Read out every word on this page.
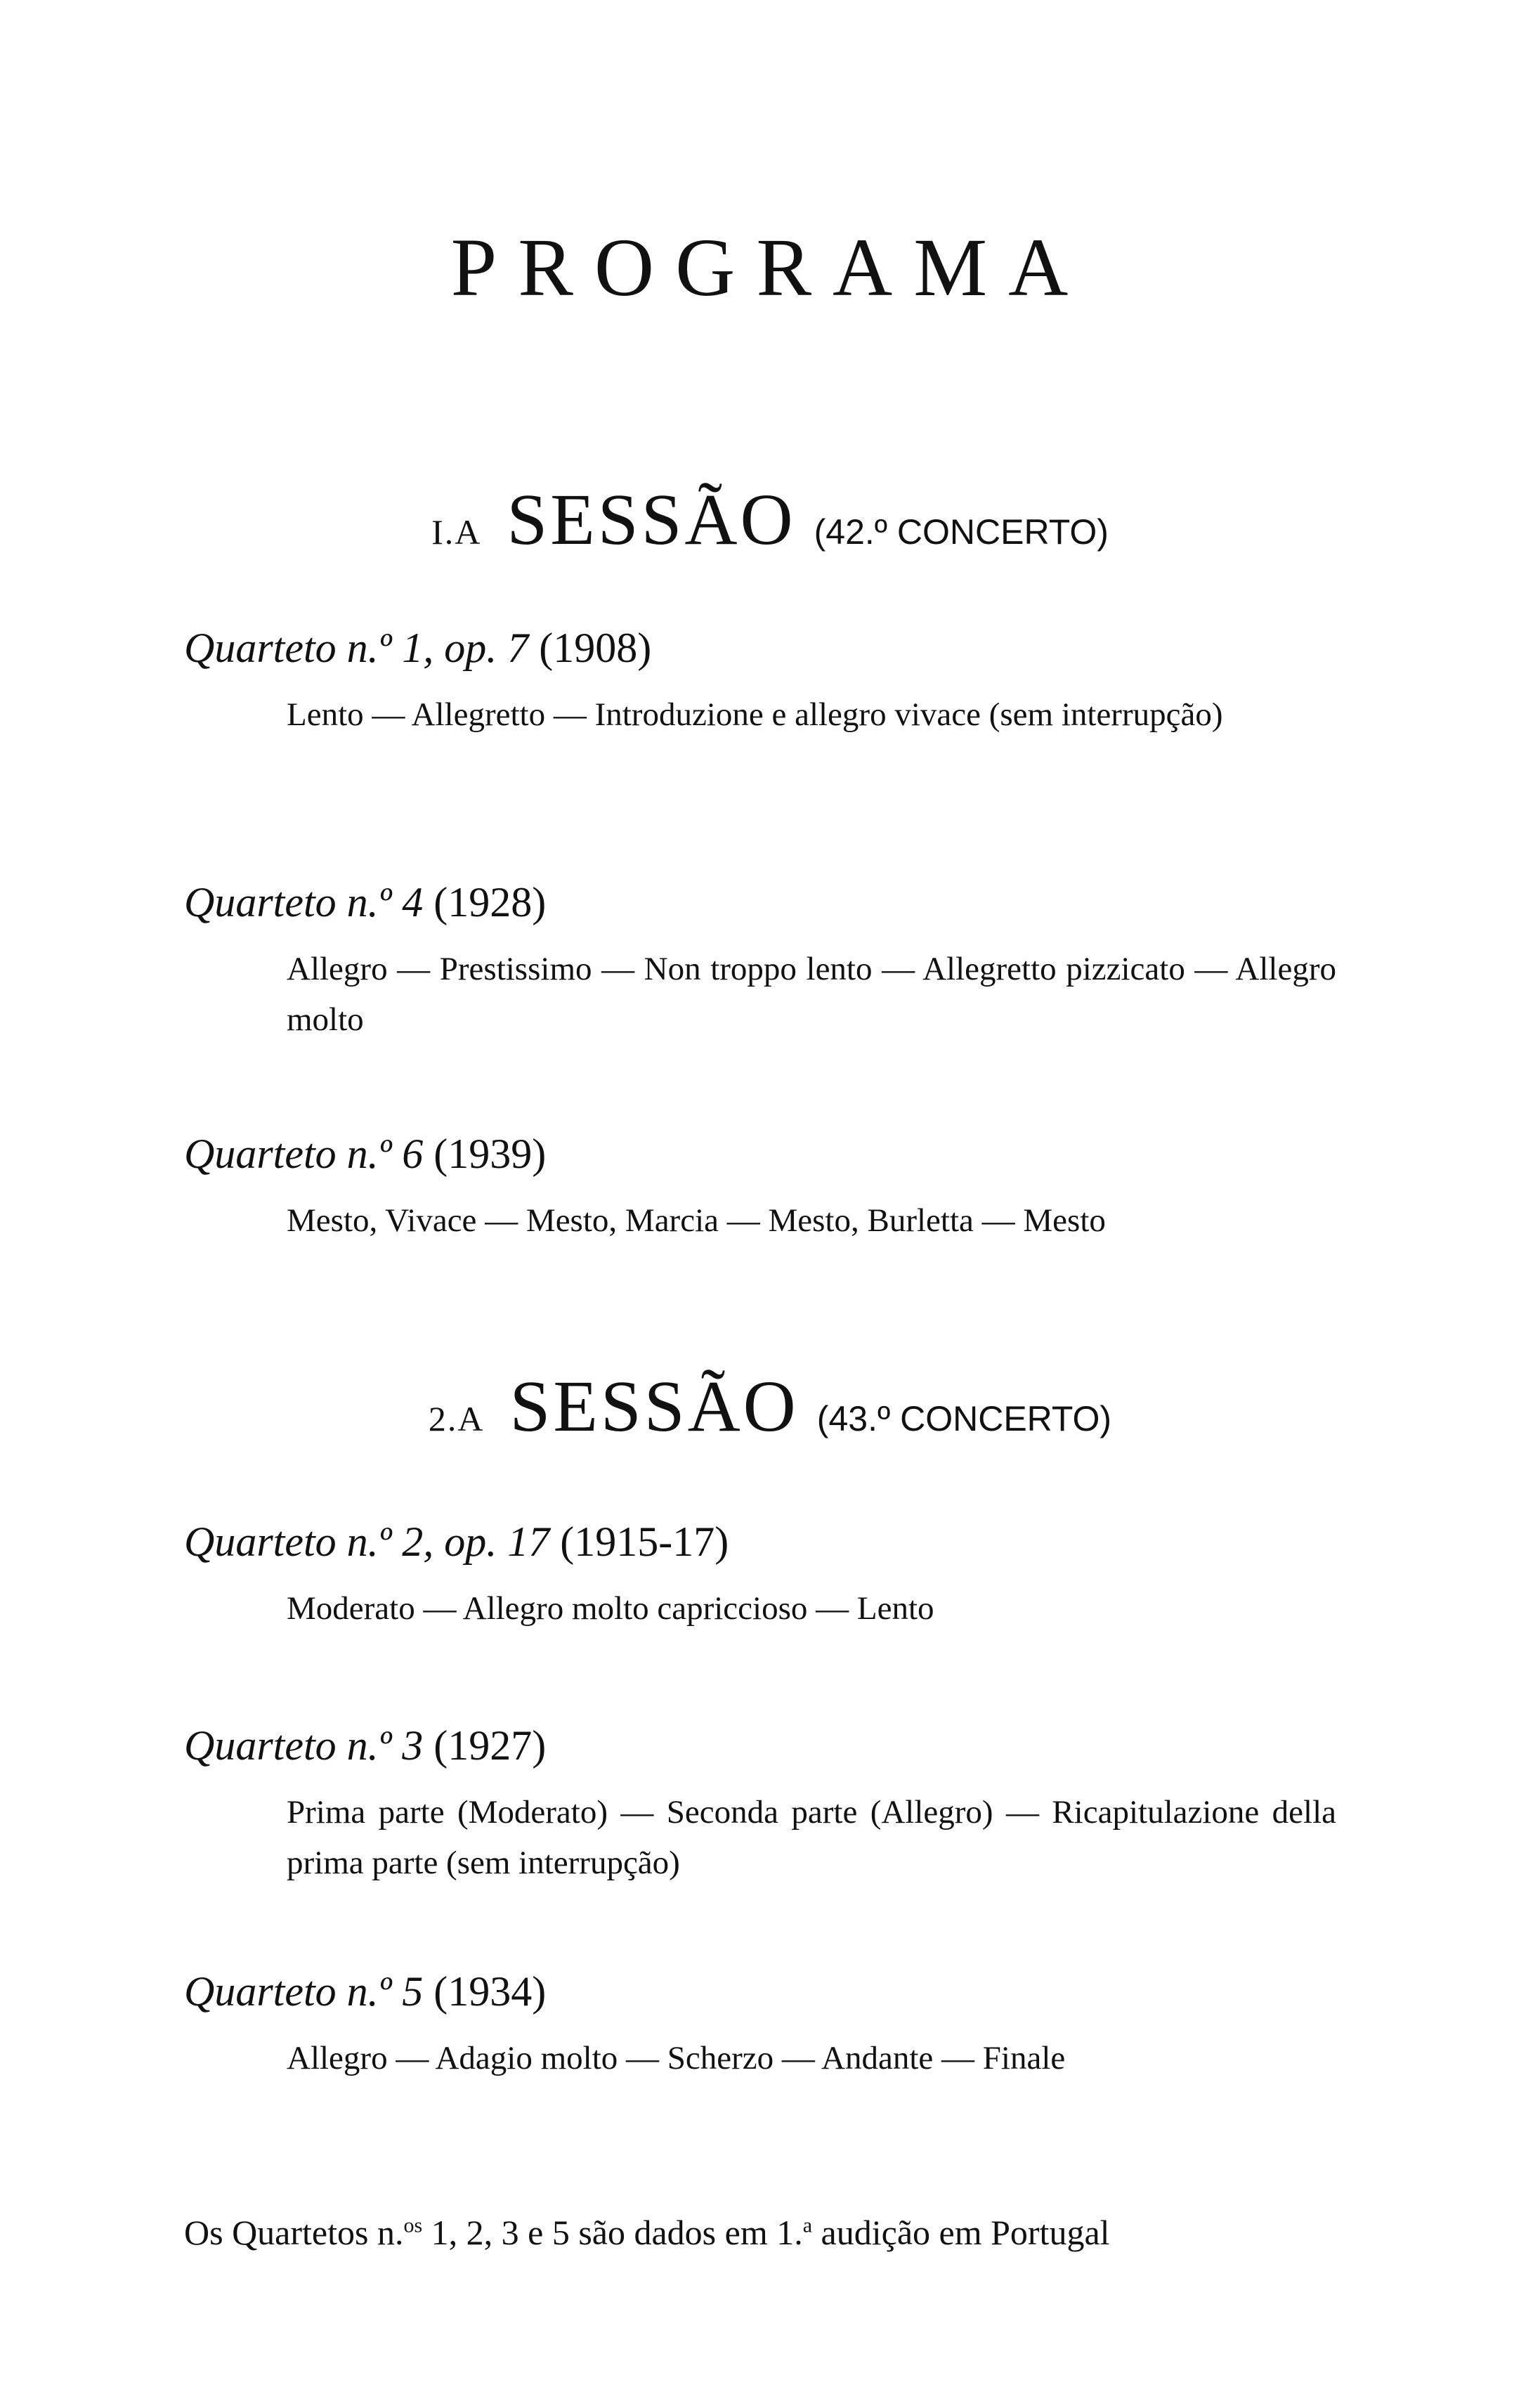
PROGRAMA
I.A SESSÃO (42.º CONCERTO)
Quarteto n.º 1, op. 7 (1908)
Lento — Allegretto — Introduzione e allegro vivace (sem interrupção)
Quarteto n.º 4 (1928)
Allegro — Prestissimo — Non troppo lento — Allegretto pizzicato — Allegro molto
Quarteto n.º 6 (1939)
Mesto, Vivace — Mesto, Marcia — Mesto, Burletta — Mesto
2.A SESSÃO (43.º CONCERTO)
Quarteto n.º 2, op. 17 (1915-17)
Moderato — Allegro molto capriccioso — Lento
Quarteto n.º 3 (1927)
Prima parte (Moderato) — Seconda parte (Allegro) — Ricapitulazione della prima parte (sem interrupção)
Quarteto n.º 5 (1934)
Allegro — Adagio molto — Scherzo — Andante — Finale
Os Quartetos n.$^{os}$ 1, 2, 3 e 5 são dados em 1.$^a$ audição em Portugal
